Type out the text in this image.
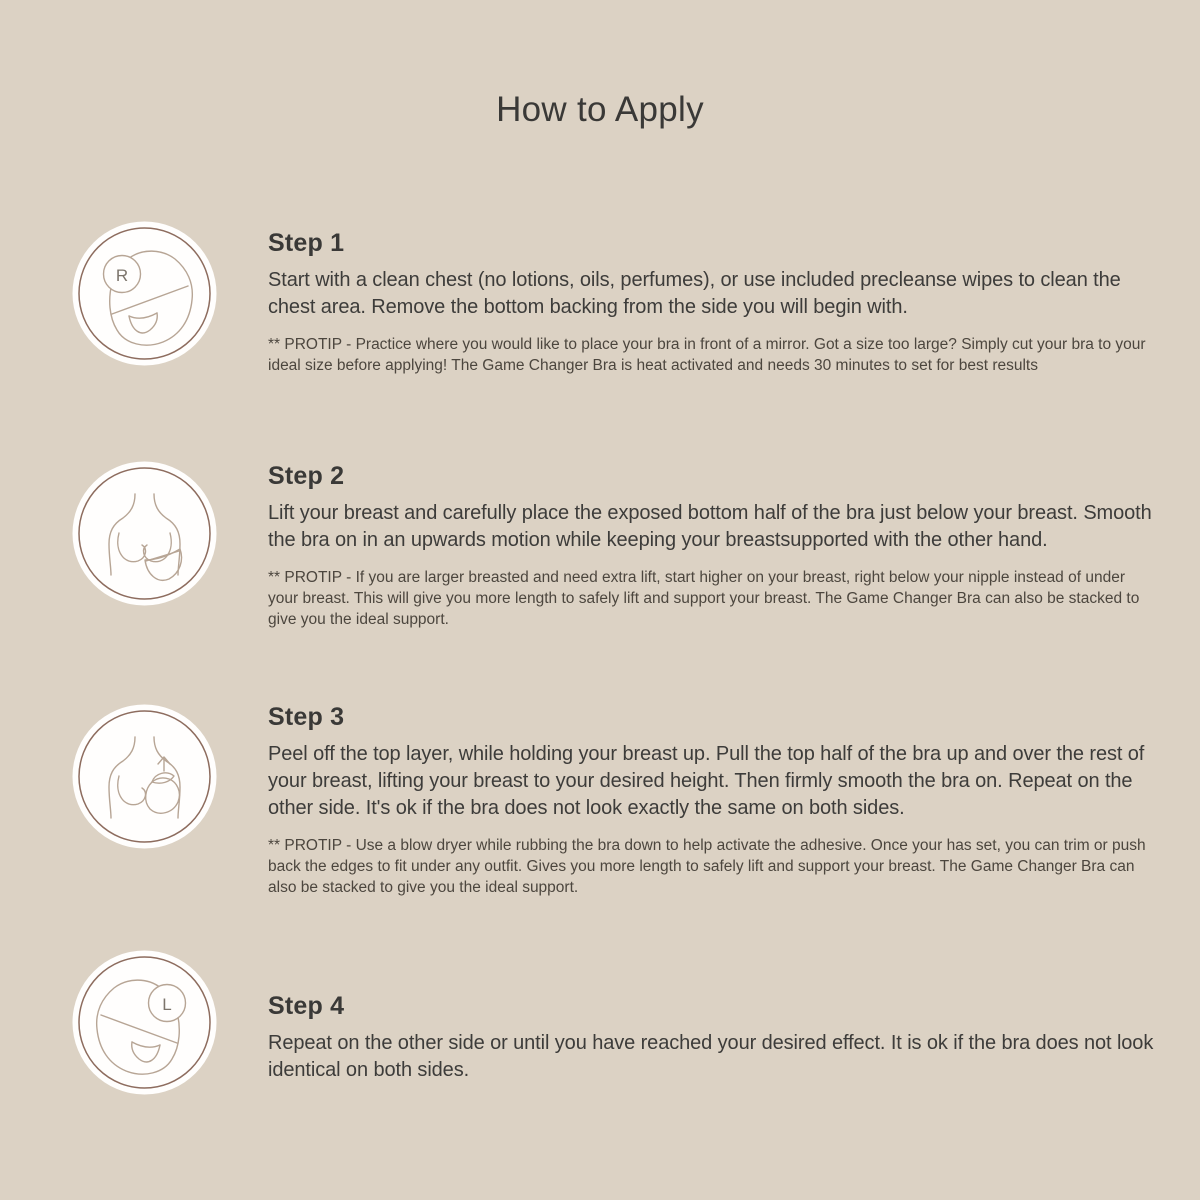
How to Apply
R
Step 1

Start with a clean chest (no lotions, oils, perfumes), or use included precleanse wipes to clean the chest area. Remove the bottom backing from the side you will begin with.

** PROTIP - Practice where you would like to place your bra in front of a mirror. Got a size too large? Simply cut your bra to your ideal size before applying! The Game Changer Bra is heat activated and needs 30 minutes to set for best results

Step 2

Lift your breast and carefully place the exposed bottom half of the bra just below your breast. Smooth the bra on in an upwards motion while keeping your breastsupported with the other hand.

** PROTIP - If you are larger breasted and need extra lift, start higher on your breast, right below your nipple instead of under your breast. This will give you more length to safely lift and support your breast. The Game Changer Bra can also be stacked to give you the ideal support.

Step 3

Peel off the top layer, while holding your breast up. Pull the top half of the bra up and over the rest of your breast, lifting your breast to your desired height. Then firmly smooth the bra on. Repeat on the other side. It's ok if the bra does not look exactly the same on both sides.

** PROTIP - Use a blow dryer while rubbing the bra down to help activate the adhesive. Once your has set, you can trim or push back the edges to fit under any outfit. Gives you more length to safely lift and support your breast. The Game Changer Bra can also be stacked to give you the ideal support.

L	Step 4

Repeat on the other side or until you have reached your desired effect. It is ok if the bra does not look identical on both sides.
